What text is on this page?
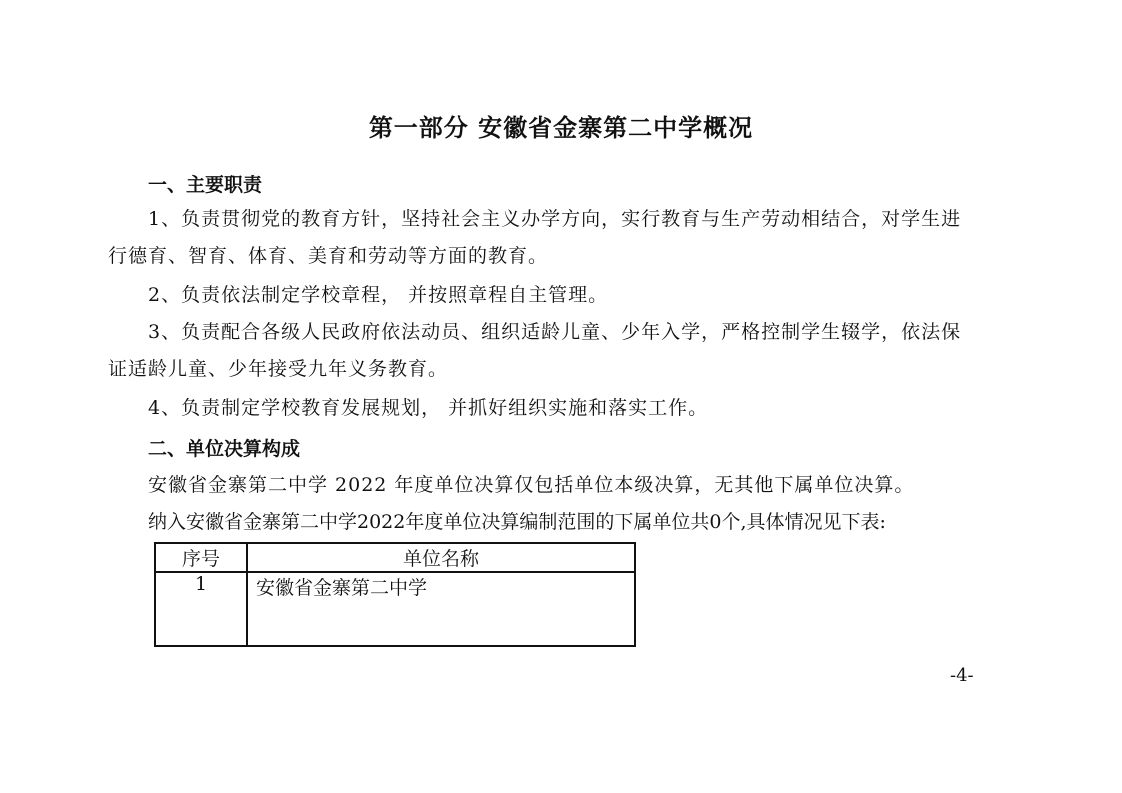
第一部分 安徽省金寨第二中学概况
一、主要职责
1、负责贯彻党的教育方针，坚持社会主义办学方向，实行教育与生产劳动相结合，对学生进行德育、智育、体育、美育和劳动等方面的教育。
2、负责依法制定学校章程， 并按照章程自主管理。
3、负责配合各级人民政府依法动员、组织适龄儿童、少年入学，严格控制学生辍学，依法保证适龄儿童、少年接受九年义务教育。
4、负责制定学校教育发展规划， 并抓好组织实施和落实工作。
二、单位决算构成
安徽省金寨第二中学 2022 年度单位决算仅包括单位本级决算，无其他下属单位决算。
纳入安徽省金寨第二中学2022年度单位决算编制范围的下属单位共0个,具体情况见下表:
序号	单位名称
1	安徽省金寨第二中学
-4-
